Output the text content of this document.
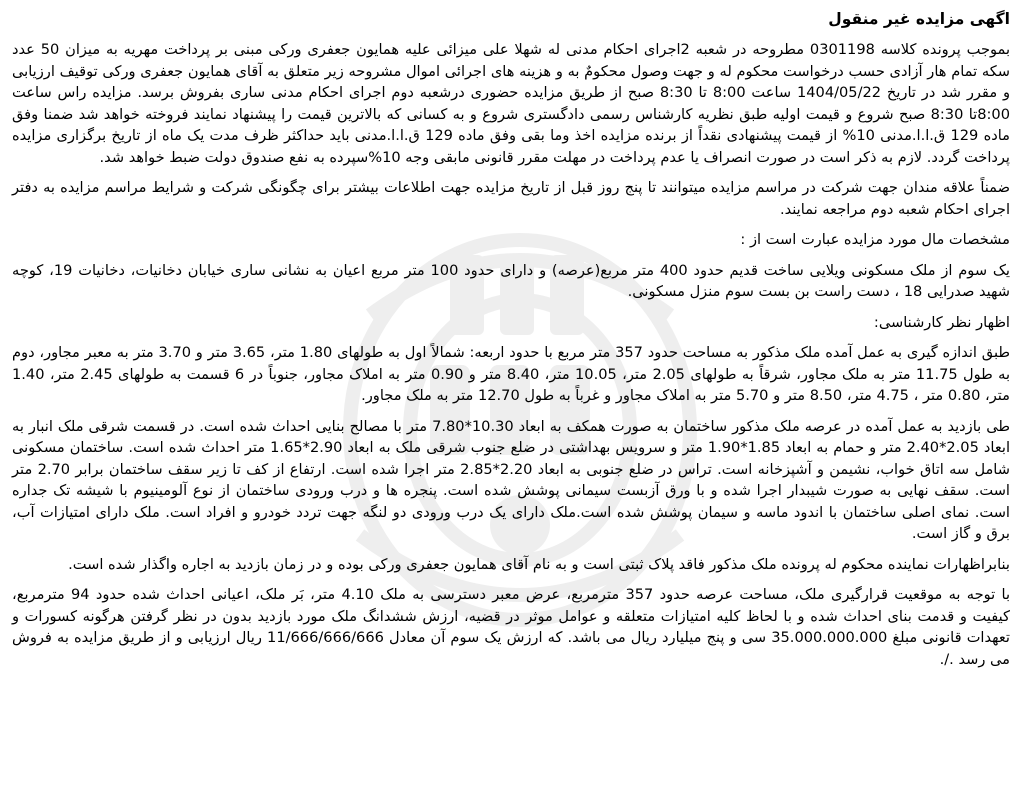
اگهی مزایده غیر منقول
بموجب پرونده کلاسه 0301198 مطروحه در شعبه 2اجرای احکام مدنی له شهلا علی میزائی علیه همایون جعفری ورکی مبنی بر پرداخت مهریه به میزان 50 عدد سکه تمام هار آزادی حسب درخواست محکوم له و جهت وصول محکومٌ به و هزینه های اجرائی اموال مشروحه زیر متعلق به آقای همایون جعفری ورکی توقیف ارزیابی و مقرر شد در تاریخ 1404/05/22 ساعت 8:00 تا 8:30 صبح از طریق مزایده حضوری درشعبه دوم اجرای احکام مدنی ساری بفروش برسد. مزایده راس ساعت 8:00تا 8:30 صبح شروع و قیمت اولیه طبق نظریه کارشناس رسمی دادگستری شروع و به کسانی که بالاترین قیمت را پیشنهاد نمایند فروخته خواهد شد ضمنا وفق ماده 129 ق.ا.ا.مدنی 10% از قیمت پیشنهادی نقداً از برنده مزایده اخذ وما بقی وفق ماده 129 ق.ا.ا.مدنی باید حداکثر ظرف مدت یک ماه از تاریخ برگزاری مزایده پرداخت گردد. لازم به ذکر است در صورت انصراف یا عدم پرداخت در مهلت مقرر قانونی مابقی وجه 10%سپرده به نفع صندوق دولت ضبط خواهد شد.
ضمناً علاقه مندان جهت شرکت در مراسم مزایده میتوانند تا پنج روز قبل از تاریخ مزایده جهت اطلاعات بیشتر برای چگونگی شرکت و شرایط مراسم مزایده به دفتر اجرای احکام شعبه دوم مراجعه نمایند.
مشخصات مال مورد مزایده عبارت است از :
یک سوم از ملک مسکونی ویلایی ساخت قدیم حدود 400 متر مربع(عرصه) و دارای حدود 100 متر مربع اعیان به نشانی ساری خیابان دخانیات، دخانیات 19، کوچه شهید صدرایی 18 ، دست راست بن بست سوم منزل مسکونی.
اظهار نظر کارشناسی:
طبق اندازه گیری به عمل آمده ملک مذکور به مساحت حدود 357 متر مربع با حدود اربعه: شمالاً اول به طولهای 1.80 متر، 3.65 متر و 3.70 متر به معبر مجاور، دوم به طول 11.75 متر به ملک مجاور، شرقاً به طولهای 2.05 متر، 10.05 متر، 8.40 متر و 0.90 متر به املاک مجاور، جنوباً در 6 قسمت به طولهای 2.45 متر، 1.40 متر، 0.80 متر ، 4.75 متر، 8.50 متر و 5.70 متر به املاک مجاور و غرباً به طول 12.70 متر به ملک مجاور.
طی بازدید به عمل آمده در عرصه ملک مذکور ساختمان به صورت همکف به ابعاد 10.30*7.80 متر با مصالح بنایی احداث شده است. در قسمت شرقی ملک انبار به ابعاد 2.05*2.40 متر و حمام به ابعاد 1.85*1.90 متر و سرویس بهداشتی در ضلع جنوب شرقی ملک به ابعاد 2.90*1.65 متر احداث شده است. ساختمان مسکونی شامل سه اتاق خواب، نشیمن و آشپزخانه است. تراس در ضلع جنوبی به ابعاد 2.20*2.85 متر اجرا شده است. ارتفاع از کف تا زیر سقف ساختمان برابر 2.70 متر است. سقف نهایی به صورت شیبدار اجرا شده و با ورق آزبست سیمانی پوشش شده است. پنجره ها و درب ورودی ساختمان از نوع آلومینیوم با شیشه تک جداره است. نمای اصلی ساختمان با اندود ماسه و سیمان پوشش شده است.ملک دارای یک درب ورودی دو لنگه جهت تردد خودرو و افراد است. ملک دارای امتیازات آب، برق و گاز است.
بنابراظهارات نماینده محکوم له پرونده ملک مذکور فاقد پلاک ثبتی است و به نام آقای همایون جعفری ورکی بوده و در زمان بازدید به اجاره واگذار شده است.
با توجه به موقعیت قرارگیری ملک، مساحت عرصه حدود 357 مترمربع، عرض معبر دسترسی به ملک 4.10 متر، بَر ملک، اعیانی احداث شده حدود 94 مترمربع، کیفیت و قدمت بنای احداث شده و با لحاظ کلیه امتیازات متعلقه و عوامل موثر در قضیه، ارزش ششدانگ ملک مورد بازدید بدون در نظر گرفتن هرگونه کسورات و تعهدات قانونی مبلغ 35.000.000.000 سی و پنج میلیارد ریال می باشد. که ارزش یک سوم آن معادل 11/666/666/666 ریال ارزیابی و از طریق مزایده به فروش می رسد ./.
